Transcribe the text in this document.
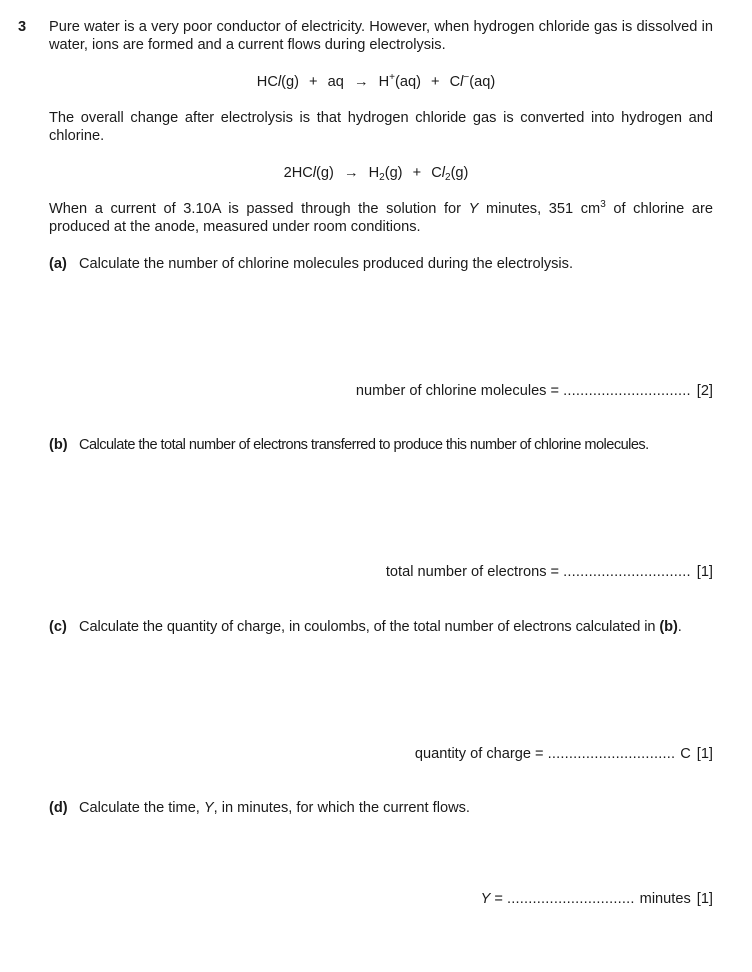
3 Pure water is a very poor conductor of electricity. However, when hydrogen chloride gas is dissolved in water, ions are formed and a current flows during electrolysis.
HCl(g) + aq → H+(aq) + Cl−(aq)
The overall change after electrolysis is that hydrogen chloride gas is converted into hydrogen and chlorine.
$2HCl(g) \to H_2(g) + Cl_2(g)$
When a current of 3.10A is passed through the solution for Y minutes, 351 $cm^3$ of chlorine are produced at the anode, measured under room conditions.
(a) Calculate the number of chlorine molecules produced during the electrolysis.
number of chlorine molecules = .............................. [2]
(b) Calculate the total number of electrons transferred to produce this number of chlorine molecules.
total number of electrons = .............................. [1]
(c) Calculate the quantity of charge, in coulombs, of the total number of electrons calculated in (b).
quantity of charge = .............................. C [1]
(d) Calculate the time, Y, in minutes, for which the current flows.
Y = .............................. minutes [1]
